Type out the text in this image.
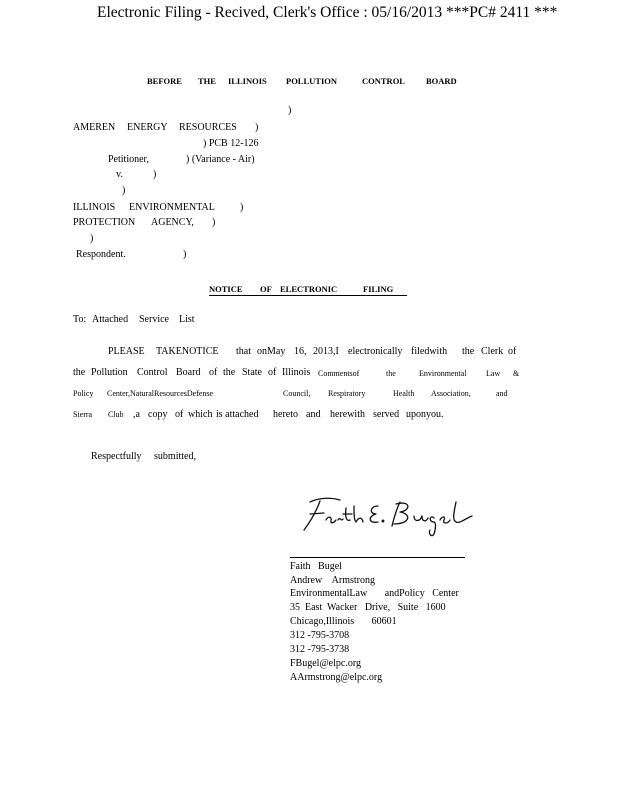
Electronic Filing - Recived, Clerk's Office : 05/16/2013 ***PC# 2411 ***
BEFORE THE ILLINOIS POLLUTION	CONTROL BOARD
)
AMEREN ENERGY RESOURCES )
) PCB 12-126
Petitioner,	) (Variance - Air)
v.	)
)
ILLINOIS ENVIRONMENTAL	)
PROTECTION AGENCY, )
)
Respondent.	)
NOTICE OF ELECTRONIC	FILING
To: Attached Service List
PLEASE TAKENOTICE that onMay 16, 2013,I electronically filedwith the Clerk of
the Pollution Control Board of the State of Illinois Commentsof	the	Environmental Law &
Policy Center,NaturalResourcesDefense	Council, Respiratory	Health Association,	and
Sierra Club ,a copy of which is attached hereto and herewith served uponyou.
Respectfully     submitted,
Faith   Bugel
Andrew    Armstrong
EnvironmentalLaw       andPolicy   Center
35  East  Wacker   Drive,   Suite   1600
Chicago,Illinois       60601
312 -795-3708
312 -795-3738
FBugel@elpc.org
AArmstrong@elpc.org
